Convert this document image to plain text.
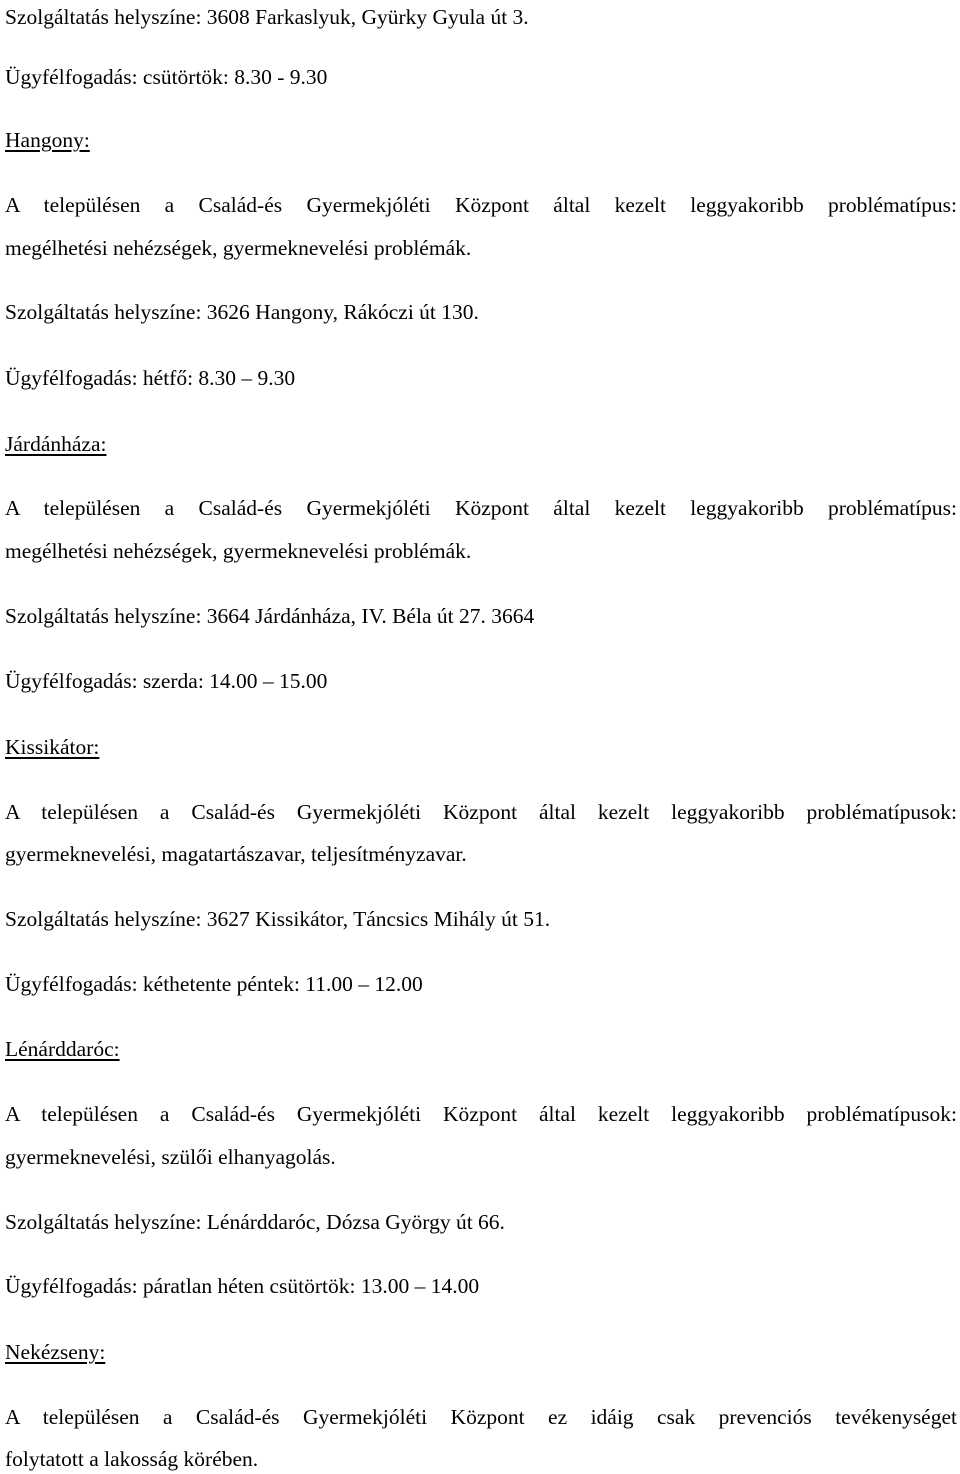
Szolgáltatás helyszíne: 3608 Farkaslyuk, Gyürky Gyula út 3.
Ügyfélfogadás: csütörtök: 8.30 - 9.30
Hangony:
A településen a Család-és Gyermekjóléti Központ által kezelt leggyakoribb problématípus:
megélhetési nehézségek, gyermeknevelési problémák.
Szolgáltatás helyszíne: 3626 Hangony, Rákóczi út 130.
Ügyfélfogadás: hétfő: 8.30 – 9.30
Járdánháza:
A településen a Család-és Gyermekjóléti Központ által kezelt leggyakoribb problématípus:
megélhetési nehézségek, gyermeknevelési problémák.
Szolgáltatás helyszíne: 3664 Járdánháza, IV. Béla út 27. 3664
Ügyfélfogadás: szerda: 14.00 – 15.00
Kissikátor:
A településen a Család-és Gyermekjóléti Központ által kezelt leggyakoribb problématípusok:
gyermeknevelési, magatartászavar, teljesítményzavar.
Szolgáltatás helyszíne: 3627 Kissikátor, Táncsics Mihály út 51.
Ügyfélfogadás: kéthetente péntek: 11.00 – 12.00
Lénárddaróc:
A településen a Család-és Gyermekjóléti Központ által kezelt leggyakoribb problématípusok:
gyermeknevelési, szülői elhanyagolás.
Szolgáltatás helyszíne: Lénárddaróc, Dózsa György út 66.
Ügyfélfogadás: páratlan héten csütörtök: 13.00 – 14.00
Nekézseny:
A településen a Család-és Gyermekjóléti Központ ez idáig csak prevenciós tevékenységet
folytatott a lakosság körében.
